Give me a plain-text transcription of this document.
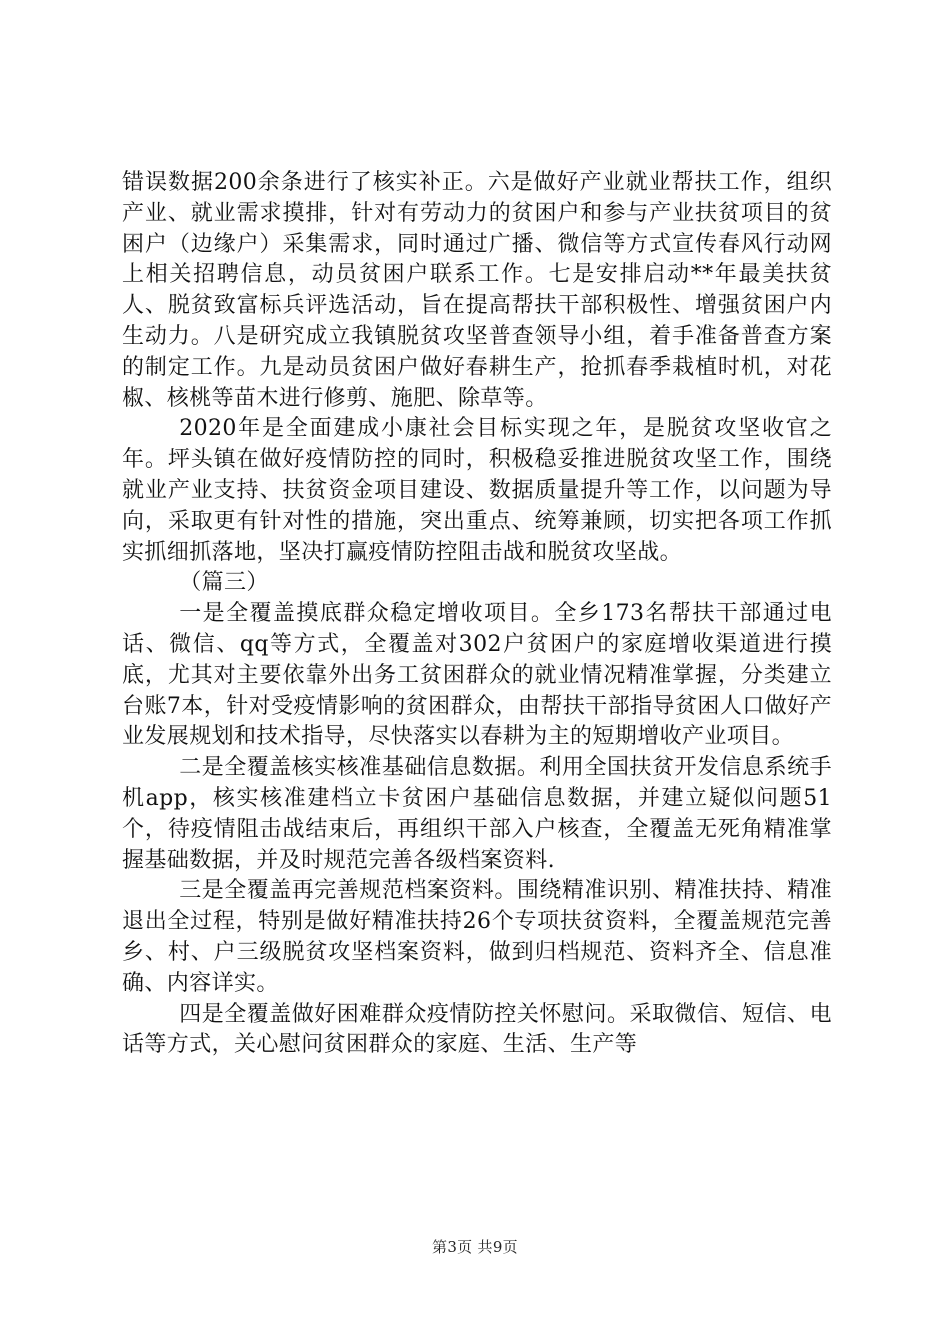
错误数据200余条进行了核实补正。六是做好产业就业帮扶工作，组织产业、就业需求摸排，针对有劳动力的贫困户和参与产业扶贫项目的贫困户（边缘户）采集需求，同时通过广播、微信等方式宣传春风行动网上相关招聘信息，动员贫困户联系工作。七是安排启动**年最美扶贫人、脱贫致富标兵评选活动，旨在提高帮扶干部积极性、增强贫困户内生动力。八是研究成立我镇脱贫攻坚普查领导小组，着手准备普查方案的制定工作。九是动员贫困户做好春耕生产，抢抓春季栽植时机，对花椒、核桃等苗木进行修剪、施肥、除草等。

2020年是全面建成小康社会目标实现之年，是脱贫攻坚收官之年。坪头镇在做好疫情防控的同时，积极稳妥推进脱贫攻坚工作，围绕就业产业支持、扶贫资金项目建设、数据质量提升等工作，以问题为导向，采取更有针对性的措施，突出重点、统筹兼顾，切实把各项工作抓实抓细抓落地，坚决打赢疫情防控阻击战和脱贫攻坚战。

（篇三）

一是全覆盖摸底群众稳定增收项目。全乡173名帮扶干部通过电话、微信、qq等方式，全覆盖对302户贫困户的家庭增收渠道进行摸底，尤其对主要依靠外出务工贫困群众的就业情况精准掌握，分类建立台账7本，针对受疫情影响的贫困群众，由帮扶干部指导贫困人口做好产业发展规划和技术指导，尽快落实以春耕为主的短期增收产业项目。

二是全覆盖核实核准基础信息数据。利用全国扶贫开发信息系统手机app，核实核准建档立卡贫困户基础信息数据，并建立疑似问题51个，待疫情阻击战结束后，再组织干部入户核查，全覆盖无死角精准掌握基础数据，并及时规范完善各级档案资料.

三是全覆盖再完善规范档案资料。围绕精准识别、精准扶持、精准退出全过程，特别是做好精准扶持26个专项扶贫资料，全覆盖规范完善乡、村、户三级脱贫攻坚档案资料，做到归档规范、资料齐全、信息准确、内容详实。

四是全覆盖做好困难群众疫情防控关怀慰问。采取微信、短信、电话等方式，关心慰问贫困群众的家庭、生活、生产等

第3页 共9页
